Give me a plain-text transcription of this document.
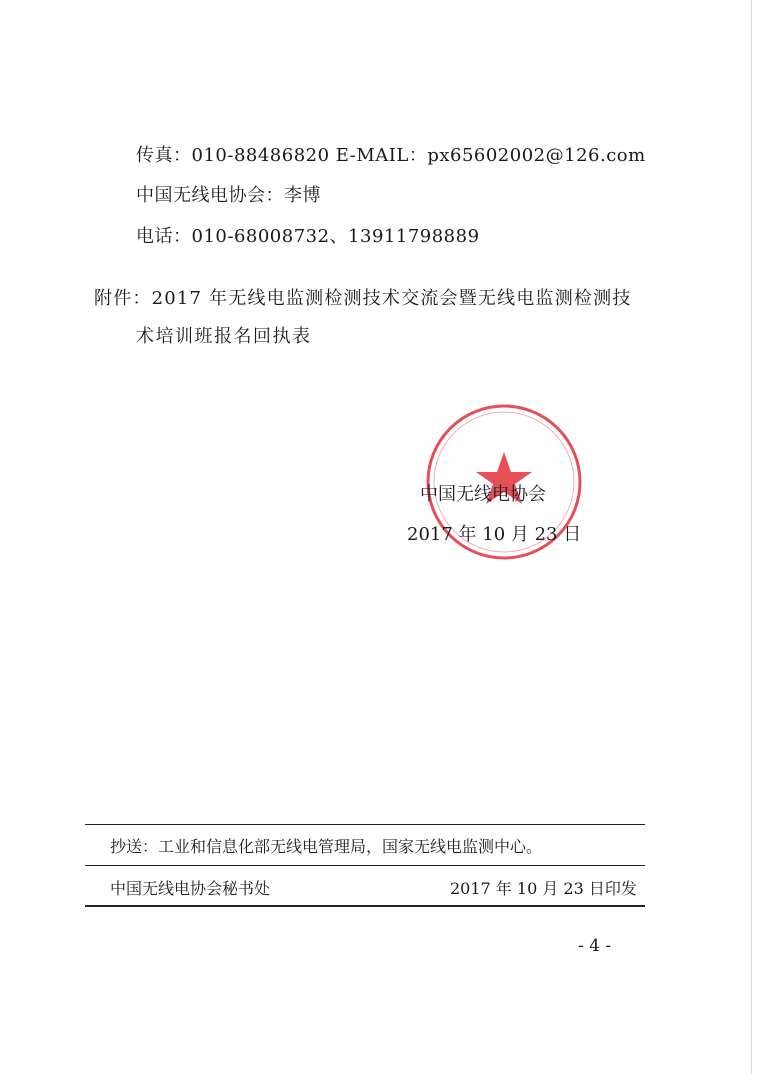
传真：010-88486820 E-MAIL：px65602002@126.com
中国无线电协会：李博
电话：010-68008732、13911798889
附件：2017 年无线电监测检测技术交流会暨无线电监测检测技
术培训班报名回执表
中国无线电协会
2017 年 10 月 23 日
抄送：工业和信息化部无线电管理局，国家无线电监测中心。
中国无线电协会秘书处	2017 年 10 月 23 日印发
- 4 -
